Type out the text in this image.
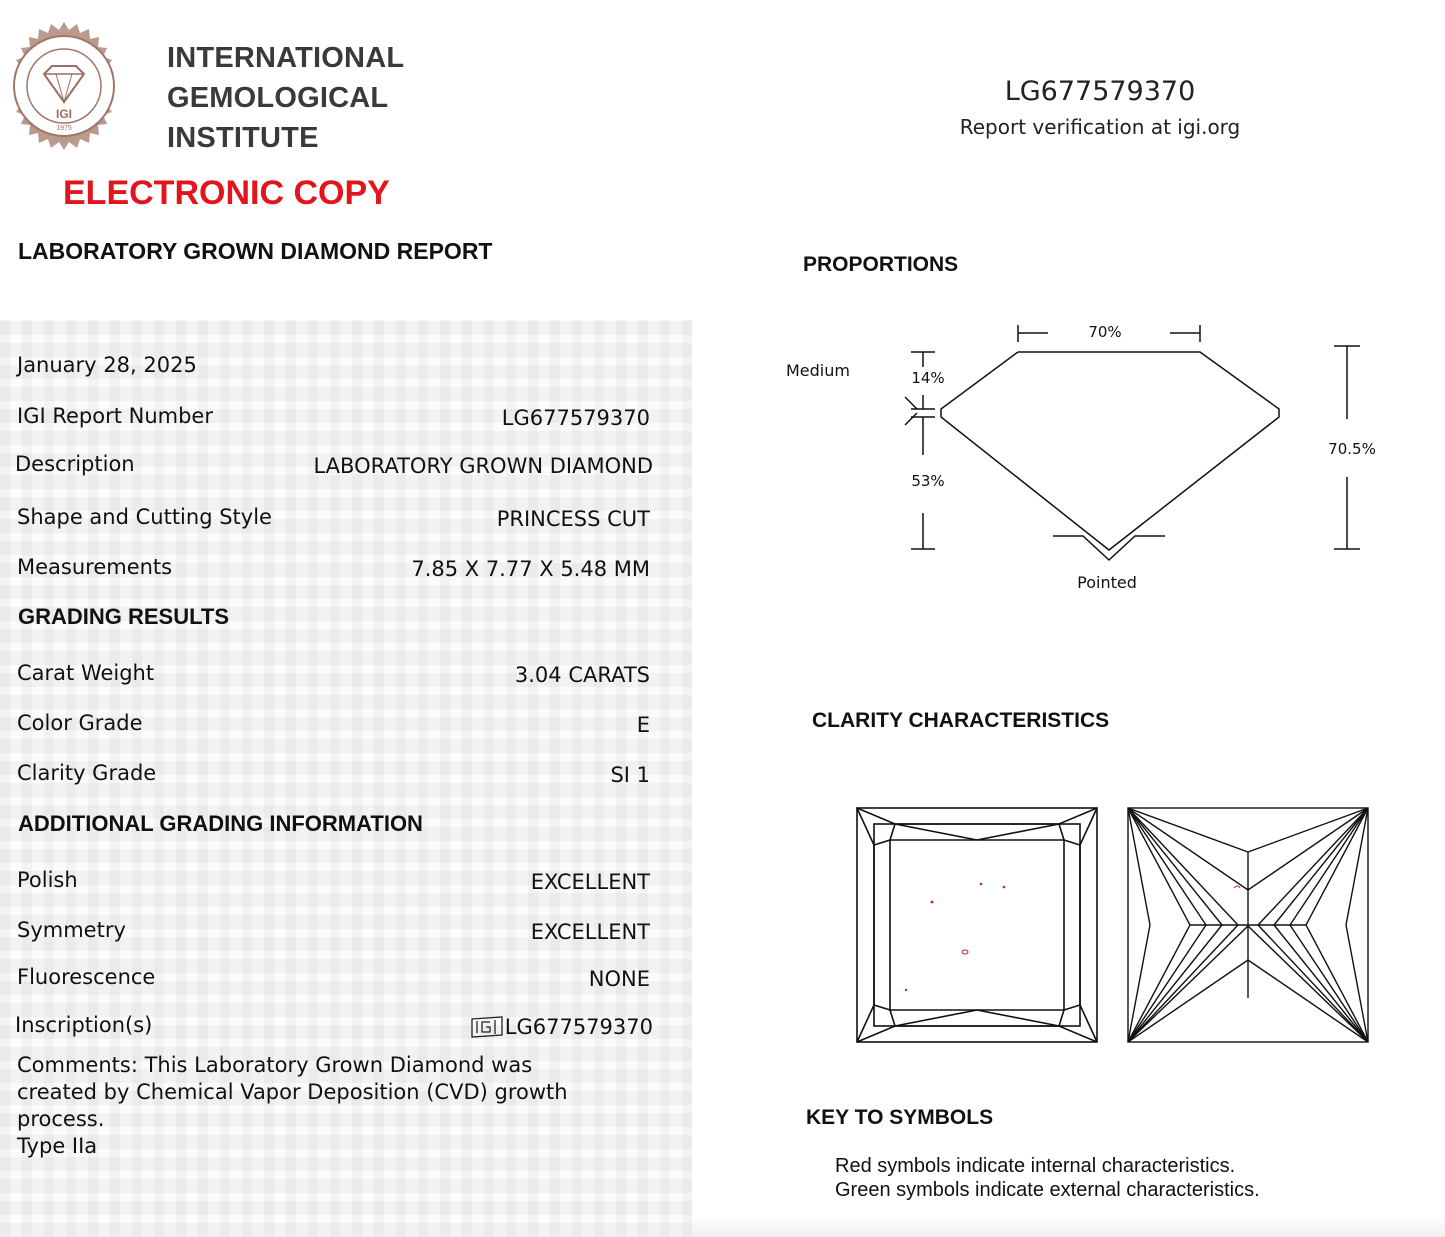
IGI
1975
INTERNATIONAL
GEMOLOGICAL
INSTITUTE
ELECTRONIC COPY
LG677579370
Report verification at igi.org
LABORATORY GROWN DIAMOND REPORT
January 28, 2025
IGI Report Number	LG677579370
Description	LABORATORY GROWN DIAMOND
Shape and Cutting Style	PRINCESS CUT
Measurements	7.85 X 7.77 X 5.48 MM
GRADING RESULTS
Carat Weight	3.04 CARATS
Color Grade	E
Clarity Grade	SI 1
ADDITIONAL GRADING INFORMATION
Polish	EXCELLENT
Symmetry	EXCELLENT
Fluorescence	NONE
Inscription(s)	LG677579370
Comments: This Laboratory Grown Diamond was
created by Chemical Vapor Deposition (CVD) growth
process.
Type IIa
PROPORTIONS
70%
14%
53%
70.5%
Medium
Pointed
CLARITY CHARACTERISTICS
KEY TO SYMBOLS
Red symbols indicate internal characteristics.
Green symbols indicate external characteristics.
